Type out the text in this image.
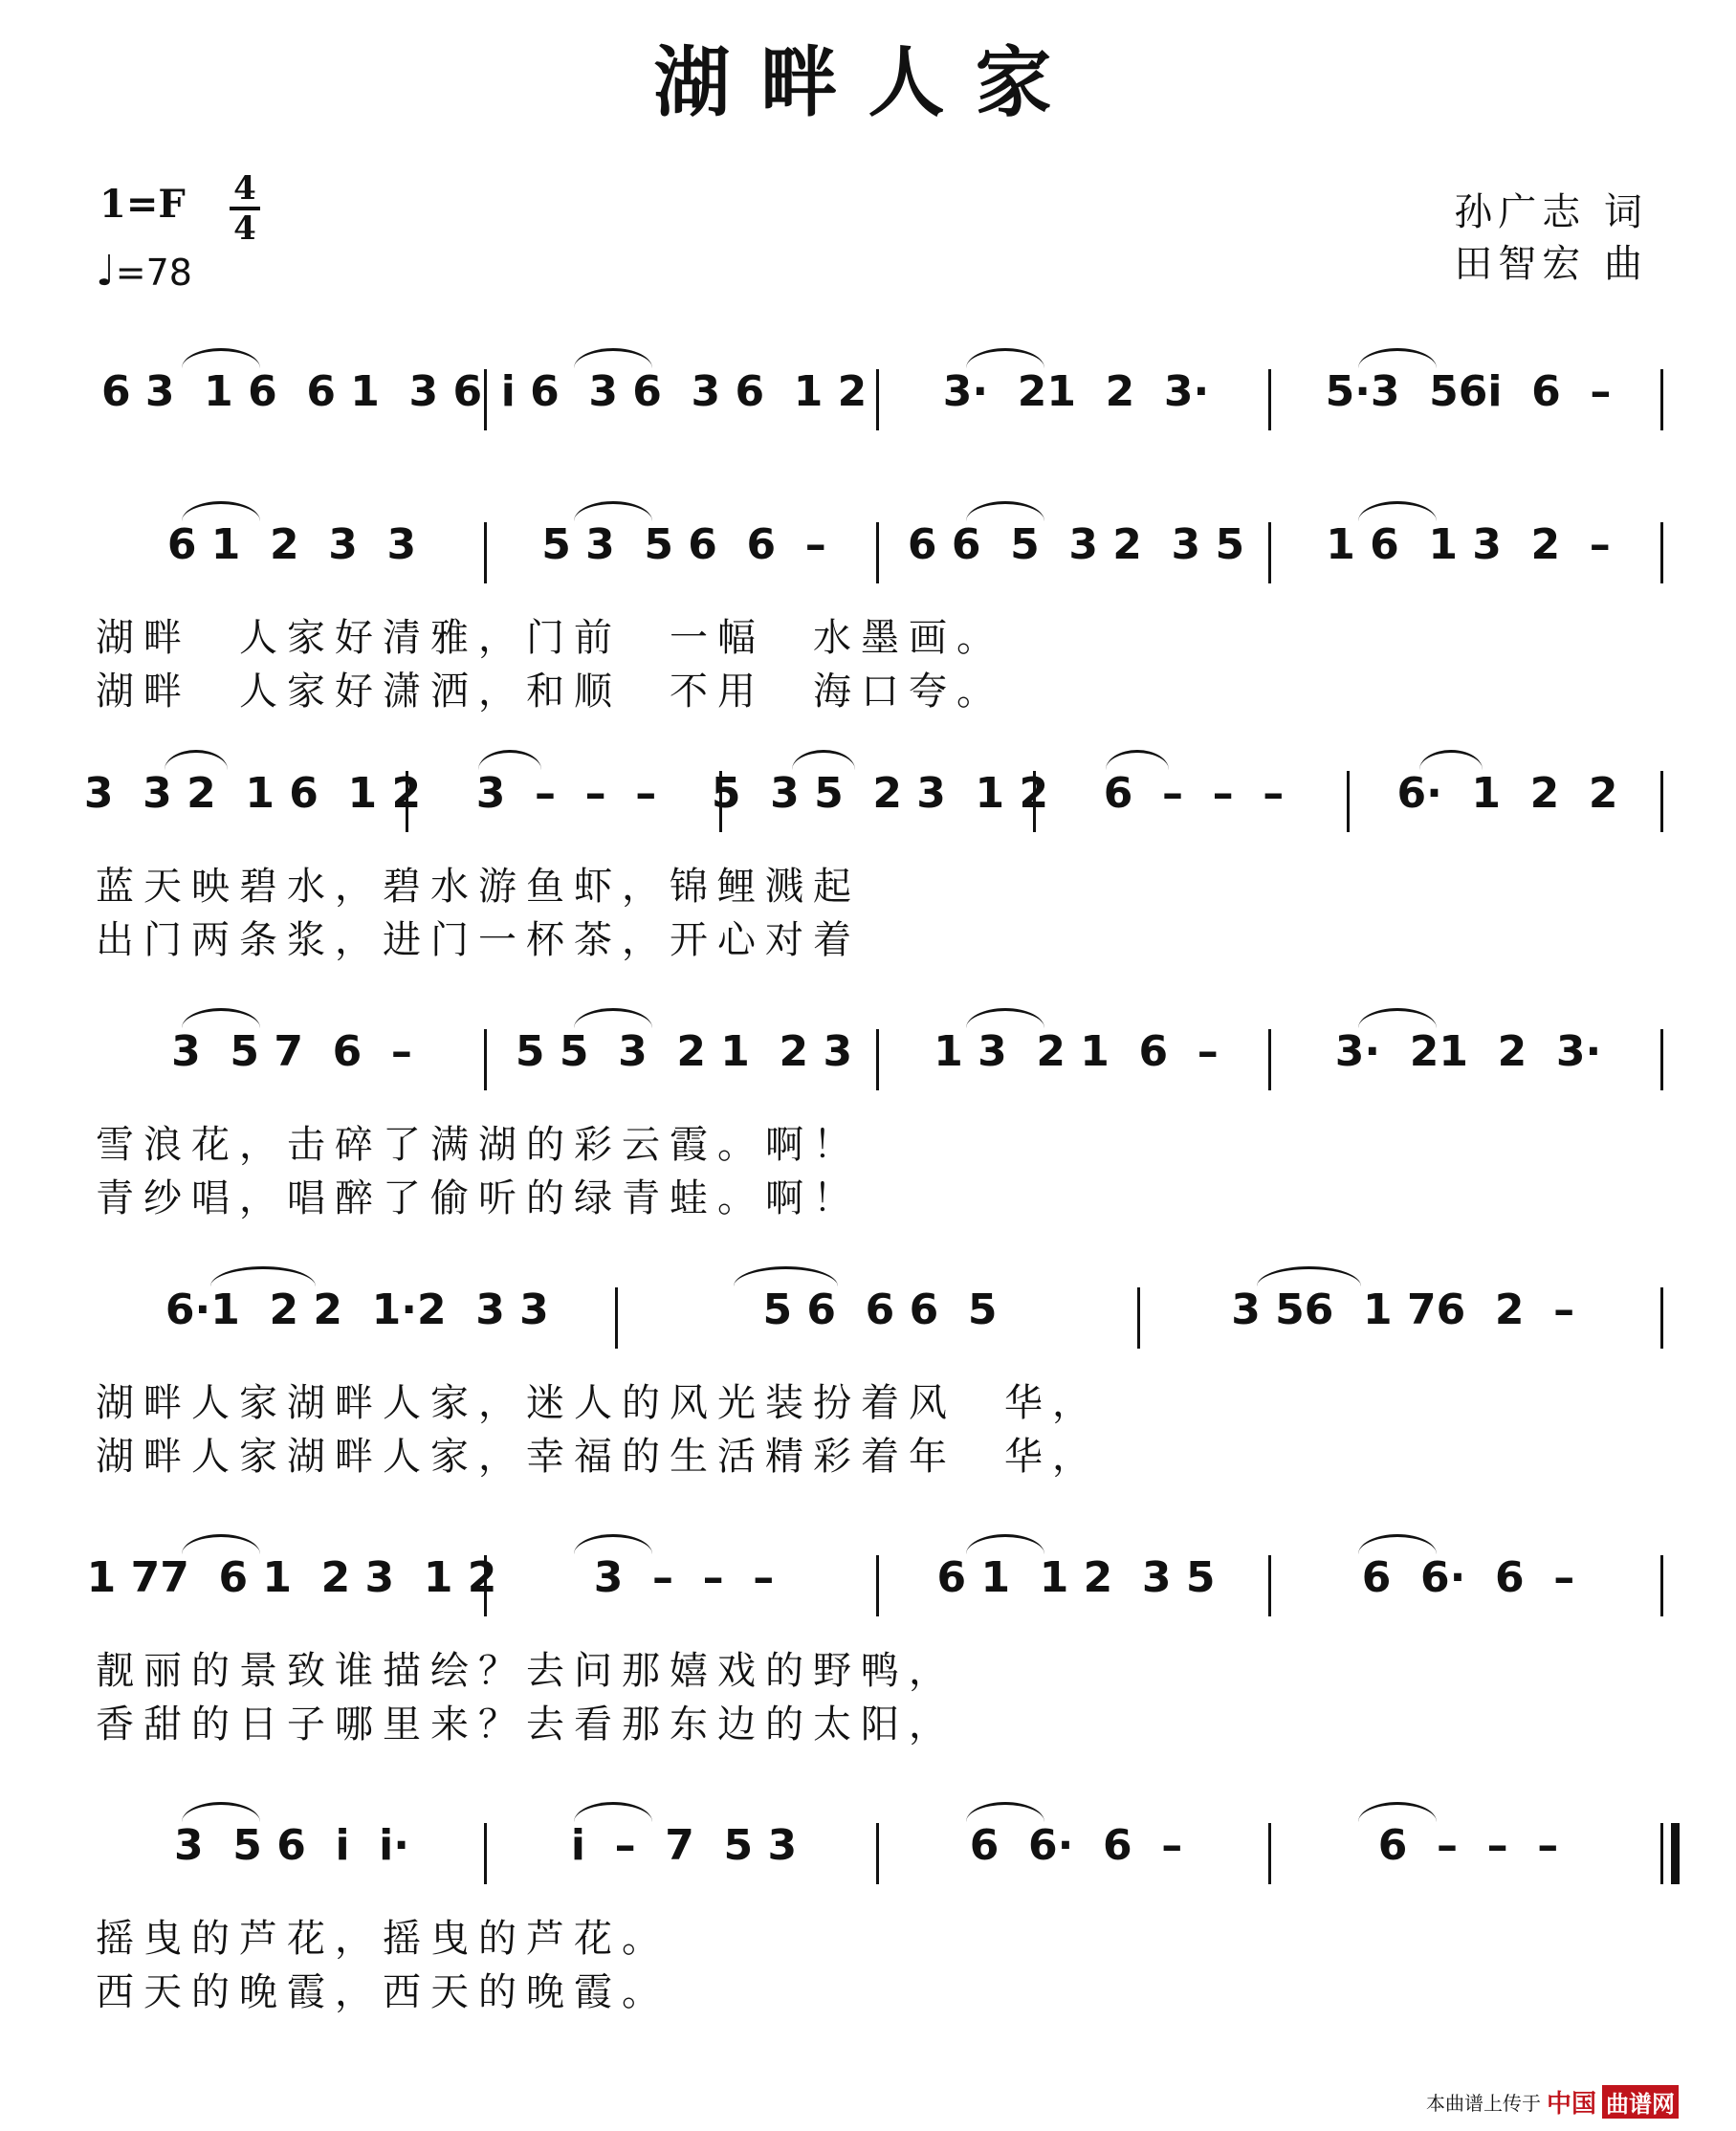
湖畔人家
1=F 4
4
♩=78
孙广志 词
田智宏 曲
6 3  1 6  6 1  3 6 i 6  3 6  3 6  1 2	3·  21  2  3·	5·3  56i  6  –
6 1  2  3  3	5 3  5 6  6  –	6 6  5  3 2  3 5	1 6  1 3  2  –
湖畔　人家好清雅，门前　一幅　水墨画。
湖畔　人家好潇洒，和顺　不用　海口夸。
3  3 2  1 6  1 2	3  –  –  –	5  3 5  2 3  1 2	6  –  –  –	6·  1  2  2
蓝天映碧水，碧水游鱼虾，锦鲤溅起
出门两条浆，进门一杯茶，开心对着
3  5 7  6  –	5 5  3  2 1  2 3	1 3  2 1  6  –	3·  21  2  3·
雪浪花，击碎了满湖的彩云霞。啊！
青纱唱，唱醉了偷听的绿青蛙。啊！
6·1  2 2  1·2  3 3	5 6  6 6  5	3 56  1 76  2  –
湖畔人家湖畔人家，迷人的风光装扮着风　华，
湖畔人家湖畔人家，幸福的生活精彩着年　华，
1 77  6 1  2 3  1 2	3  –  –  –	6 1  1 2  3 5	6  6·  6  –
靓丽的景致谁描绘？去问那嬉戏的野鸭，
香甜的日子哪里来？去看那东边的太阳，
3  5 6  i  i·	i  –  7  5 3	6  6·  6  –	6  –  –  –
摇曳的芦花，摇曳的芦花。
西天的晚霞，西天的晚霞。
本曲谱上传于 中国 曲谱网
